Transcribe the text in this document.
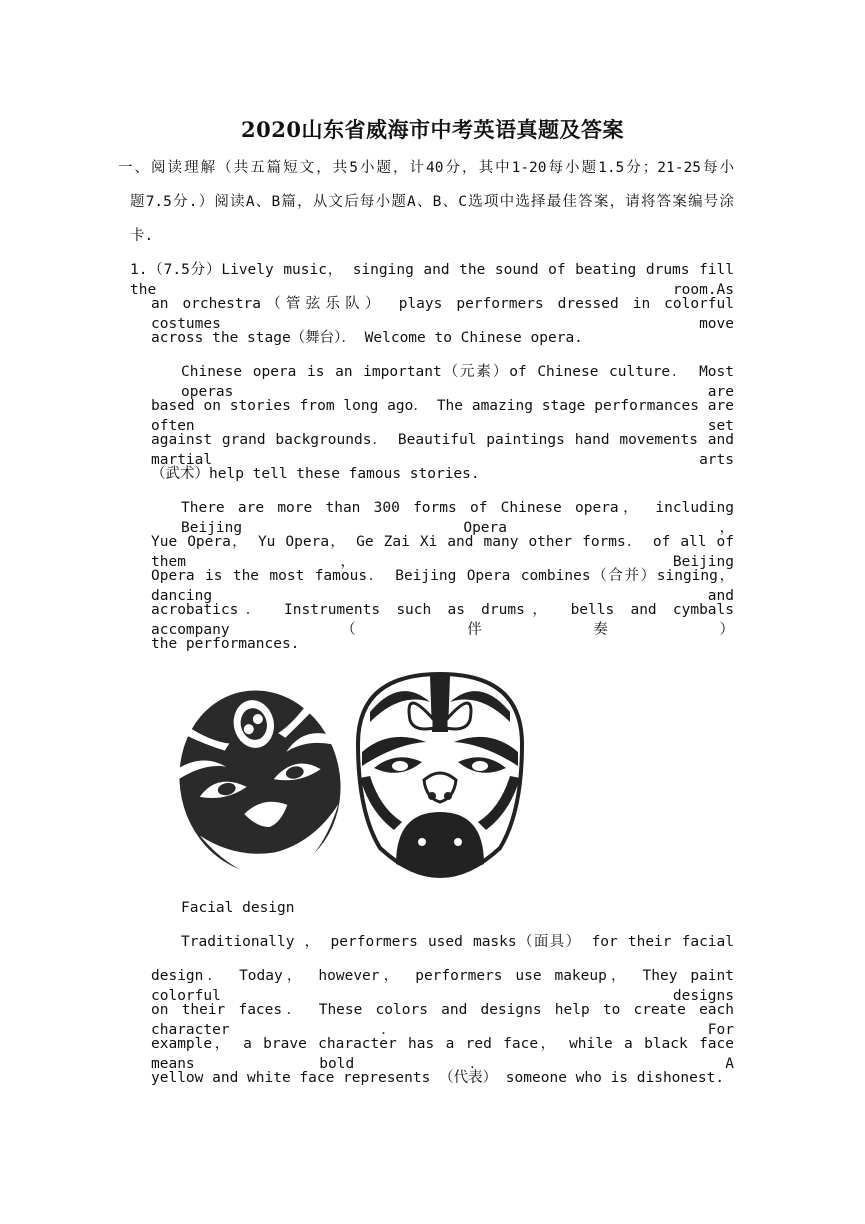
2020山东省威海市中考英语真题及答案
一、阅读理解（共五篇短文，共5小题，计40分，其中1-20每小题1.5分；21-25每小
题7.5分.）阅读A、B篇，从文后每小题A、B、C选项中选择最佳答案，请将答案编号涂
卡.
1.（7.5分）Lively music， singing and the sound of beating drums fill the room.As
an orchestra（管弦乐队） plays performers dressed in colorful costumes move
across the stage（舞台）． Welcome to Chinese opera.
Chinese opera is an important（元素）of Chinese culture． Most operas are
based on stories from long ago． The amazing stage performances are often set
against grand backgrounds． Beautiful paintings hand movements and martial arts
（武术）help tell these famous stories.
There are more than 300 forms of Chinese opera， including Beijing Opera，
Yue Opera， Yu Opera， Ge Zai Xi and many other forms． of all of them， Beijing
Opera is the most famous． Beijing Opera combines（合并）singing， dancing and
acrobatics． Instruments such as drums， bells and cymbals accompany（伴奏）
the performances.
Facial design
Traditionally ， performers used masks（面具） for their facial
design． Today， however， performers use makeup， They paint colorful designs
on their faces． These colors and designs help to create each character． For
example， a brave character has a red face， while a black face means bold． A
yellow and white face represents （代表） someone who is dishonest.
